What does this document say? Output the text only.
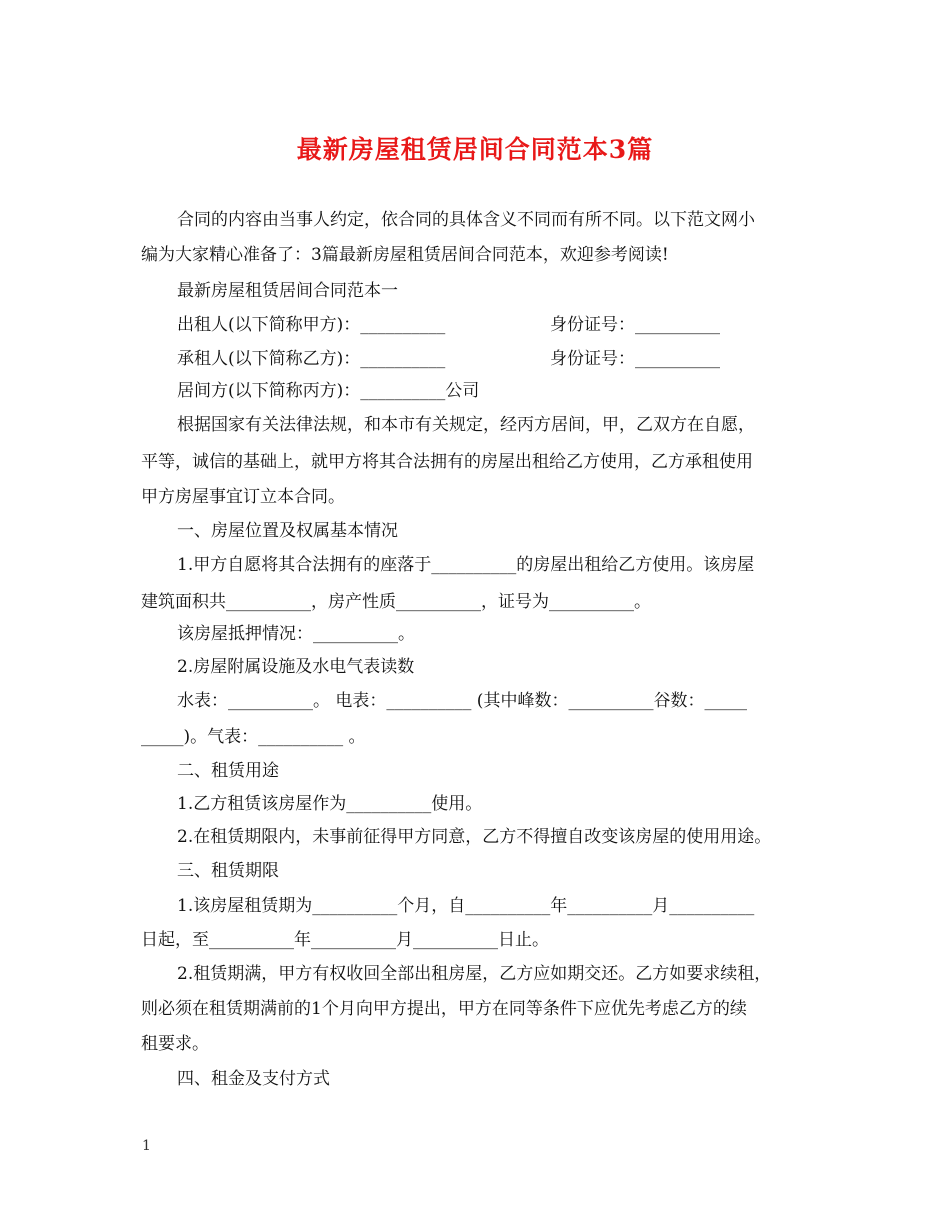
最新房屋租赁居间合同范本3篇
合同的内容由当事人约定，依合同的具体含义不同而有所不同。以下范文网小
编为大家精心准备了：3篇最新房屋租赁居间合同范本，欢迎参考阅读!
最新房屋租赁居间合同范本一
出租人(以下简称甲方)：__________	身份证号：__________
承租人(以下简称乙方)：__________	身份证号：__________
居间方(以下简称丙方)：__________公司
根据国家有关法律法规，和本市有关规定，经丙方居间，甲，乙双方在自愿，
平等，诚信的基础上，就甲方将其合法拥有的房屋出租给乙方使用，乙方承租使用
甲方房屋事宜订立本合同。
一、房屋位置及权属基本情况
1.甲方自愿将其合法拥有的座落于__________的房屋出租给乙方使用。该房屋
建筑面积共__________，房产性质__________，证号为__________。
该房屋抵押情况：__________。
2.房屋附属设施及水电气表读数
水表：__________。 电表：__________ (其中峰数：__________谷数：_____
_____)。气表：__________ 。
二、租赁用途
1.乙方租赁该房屋作为__________使用。
2.在租赁期限内，未事前征得甲方同意，乙方不得擅自改变该房屋的使用用途。
三、租赁期限
1.该房屋租赁期为__________个月，自__________年__________月__________
日起，至__________年__________月__________日止。
2.租赁期满，甲方有权收回全部出租房屋，乙方应如期交还。乙方如要求续租，
则必须在租赁期满前的1个月向甲方提出，甲方在同等条件下应优先考虑乙方的续
租要求。
四、租金及支付方式
1
